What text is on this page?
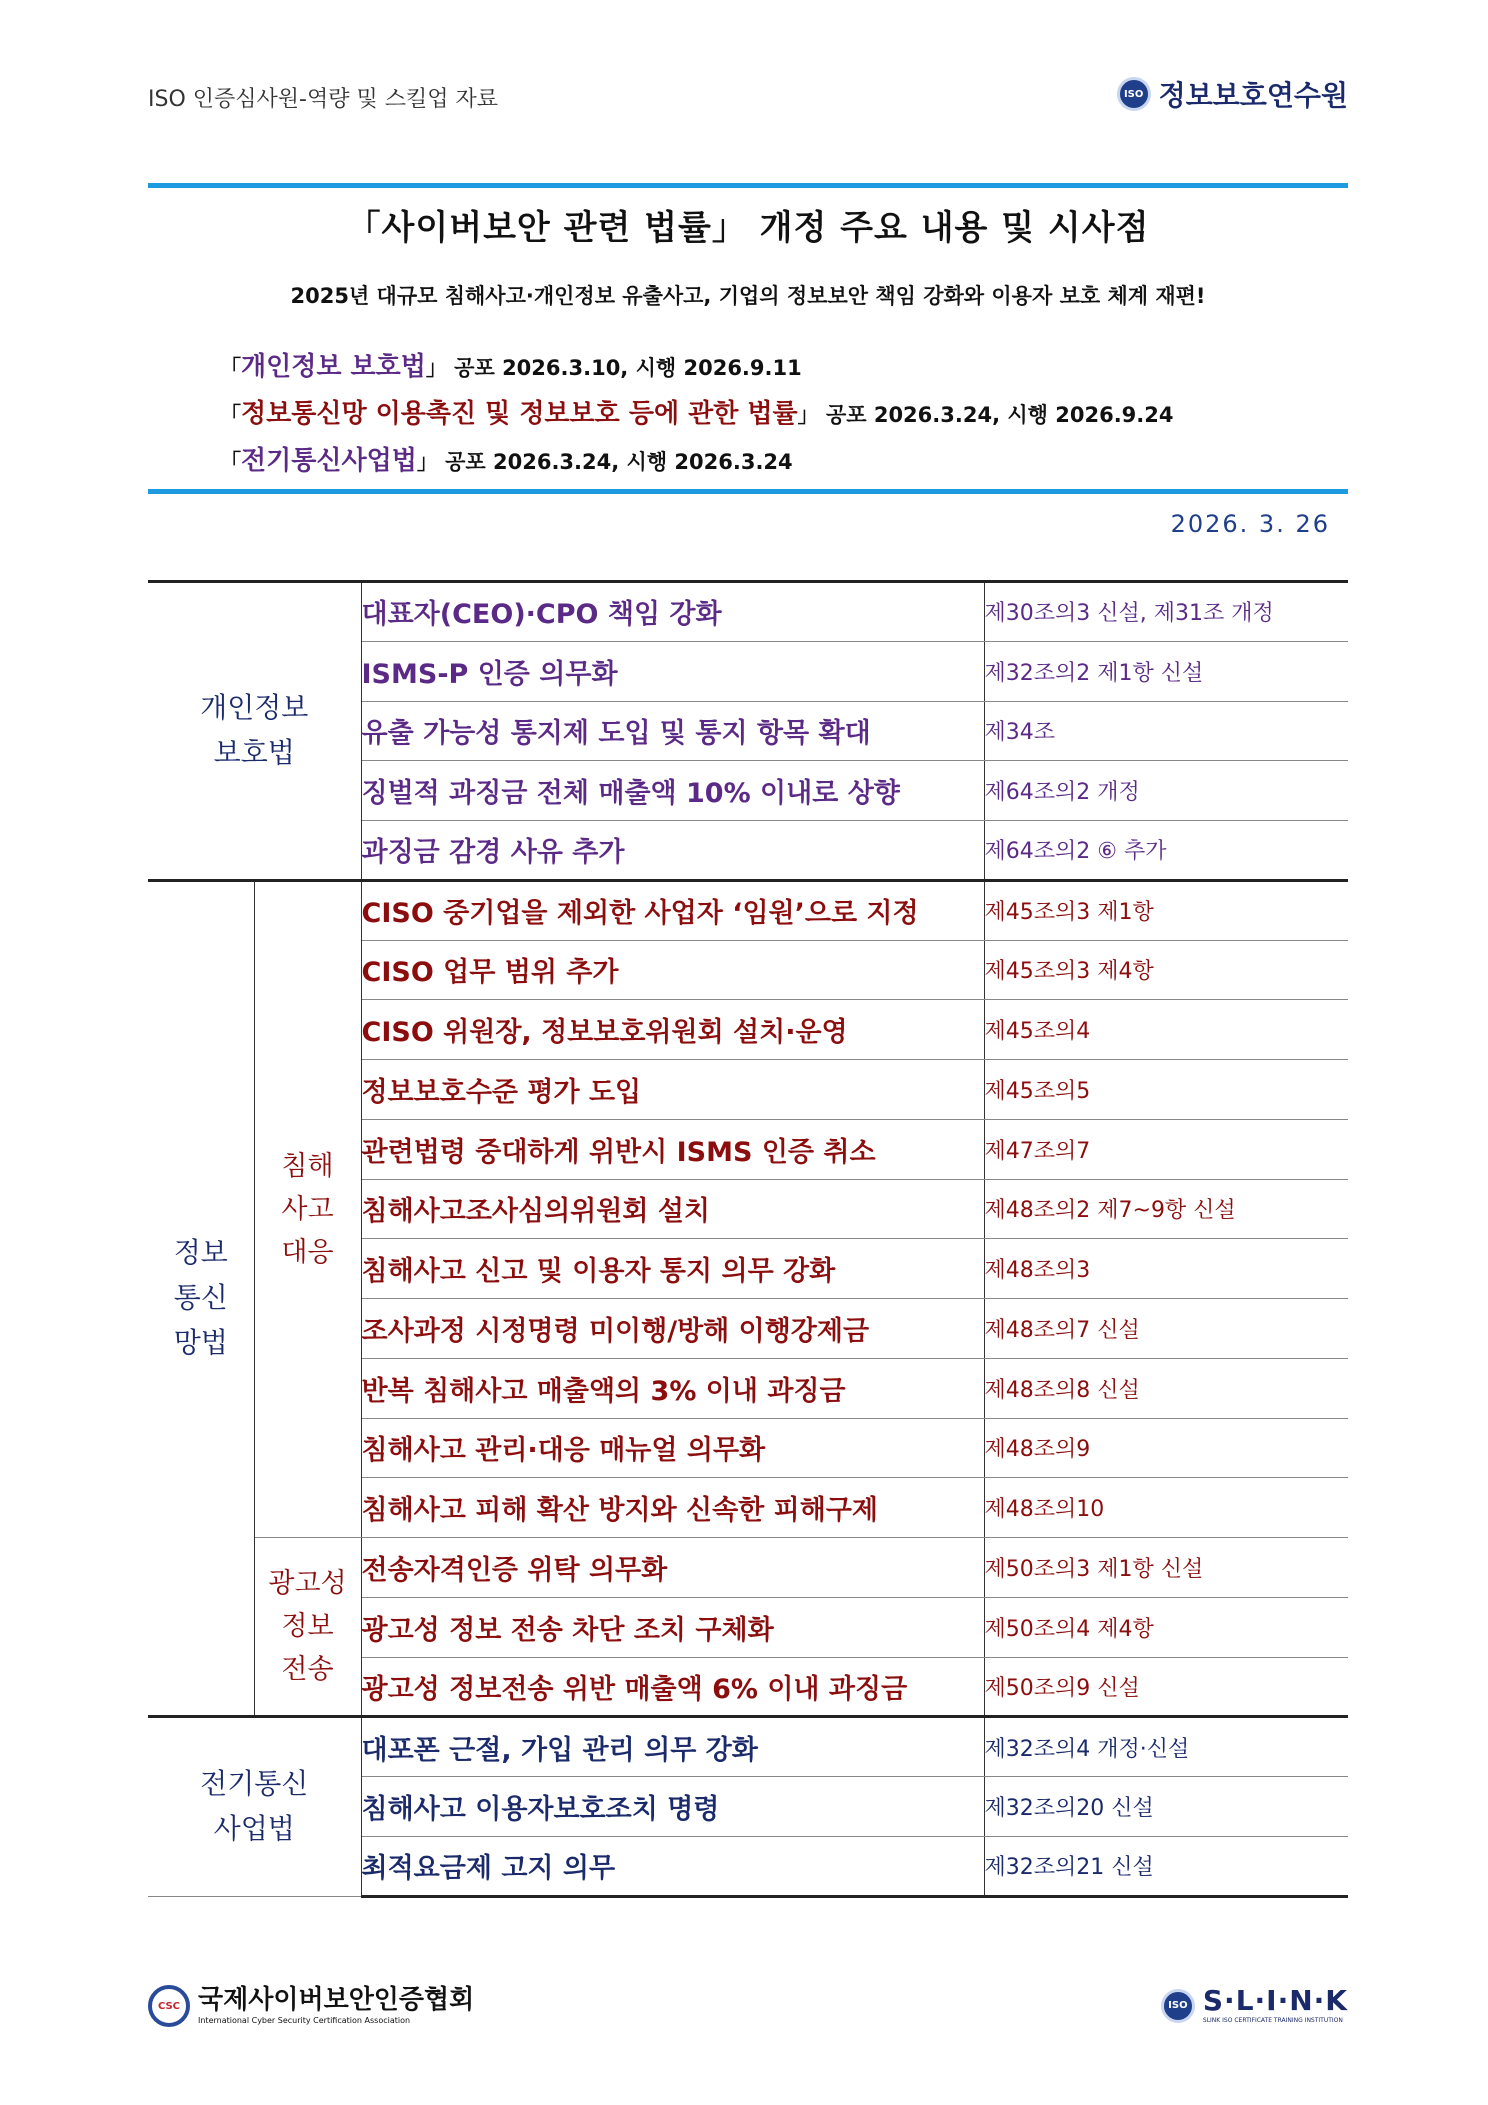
ISO 인증심사원-역량 및 스킬업 자료	ISO 정보보호연수원
「사이버보안 관련 법률」 개정 주요 내용 및 시사점
2025년 대규모 침해사고·개인정보 유출사고, 기업의 정보보안 책임 강화와 이용자 보호 체계 재편!
「개인정보 보호법」 공포 2026.3.10, 시행 2026.9.11
「정보통신망 이용촉진 및 정보보호 등에 관한 법률」 공포 2026.3.24, 시행 2026.9.24
「전기통신사업법」 공포 2026.3.24, 시행 2026.3.24
2026. 3. 26
개인정보
보호법		대표자(CEO)·CPO 책임 강화	제30조의3 신설, 제31조 개정
		ISMS-P 인증 의무화	제32조의2 제1항 신설
		유출 가능성 통지제 도입 및 통지 항목 확대	제34조
		징벌적 과징금 전체 매출액 10% 이내로 상향	제64조의2 개정
		과징금 감경 사유 추가	제64조의2 ⑥ 추가
정보
통신
망법	침해
사고
대응	CISO 중기업을 제외한 사업자 ‘임원’으로 지정	제45조의3 제1항
		CISO 업무 범위 추가	제45조의3 제4항
		CISO 위원장, 정보보호위원회 설치·운영	제45조의4
		정보보호수준 평가 도입	제45조의5
		관련법령 중대하게 위반시 ISMS 인증 취소	제47조의7
		침해사고조사심의위원회 설치	제48조의2 제7~9항 신설
		침해사고 신고 및 이용자 통지 의무 강화	제48조의3
		조사과정 시정명령 미이행/방해 이행강제금	제48조의7 신설
		반복 침해사고 매출액의 3% 이내 과징금	제48조의8 신설
		침해사고 관리·대응 매뉴얼 의무화	제48조의9
		침해사고 피해 확산 방지와 신속한 피해구제	제48조의10
	광고성
정보
전송	전송자격인증 위탁 의무화	제50조의3 제1항 신설
		광고성 정보 전송 차단 조치 구체화	제50조의4 제4항
		광고성 정보전송 위반 매출액 6% 이내 과징금	제50조의9 신설
전기통신
사업법		대포폰 근절, 가입 관리 의무 강화	제32조의4 개정·신설
		침해사고 이용자보호조치 명령	제32조의20 신설
		최적요금제 고지 의무	제32조의21 신설
CSC 국제사이버보안인증협회
International Cyber Security Certification Association
ISO S·L·I·N·K
SLINK ISO CERTIFICATE TRAINING INSTITUTION
